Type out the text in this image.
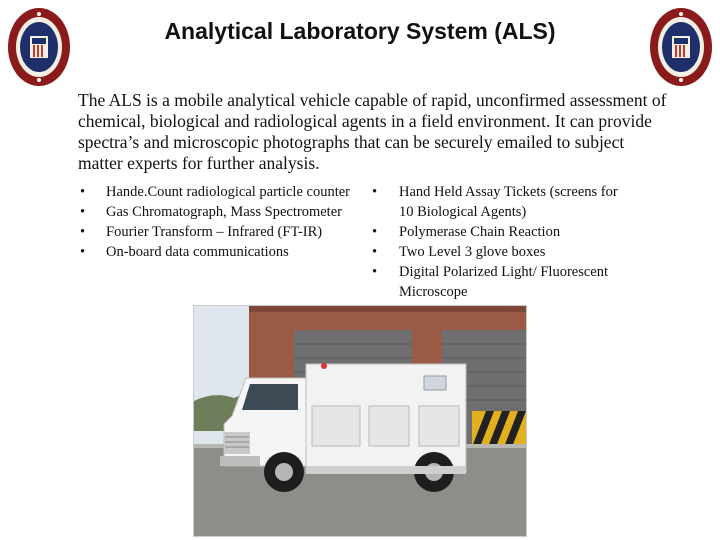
Analytical Laboratory System (ALS)
The ALS is a mobile analytical vehicle capable of rapid, unconfirmed assessment of chemical, biological and radiological agents in a field environment. It can provide spectra’s and microscopic photographs that can be securely emailed to subject matter experts for further analysis.
• Hande.Count radiological particle counter
• Gas Chromatograph, Mass Spectrometer
• Fourier Transform – Infrared (FT-IR)
• On-board data communications
• Hand Held Assay Tickets (screens for 10 Biological Agents)
• Polymerase Chain Reaction
• Two Level 3 glove boxes
• Digital Polarized Light/ Fluorescent Microscope
